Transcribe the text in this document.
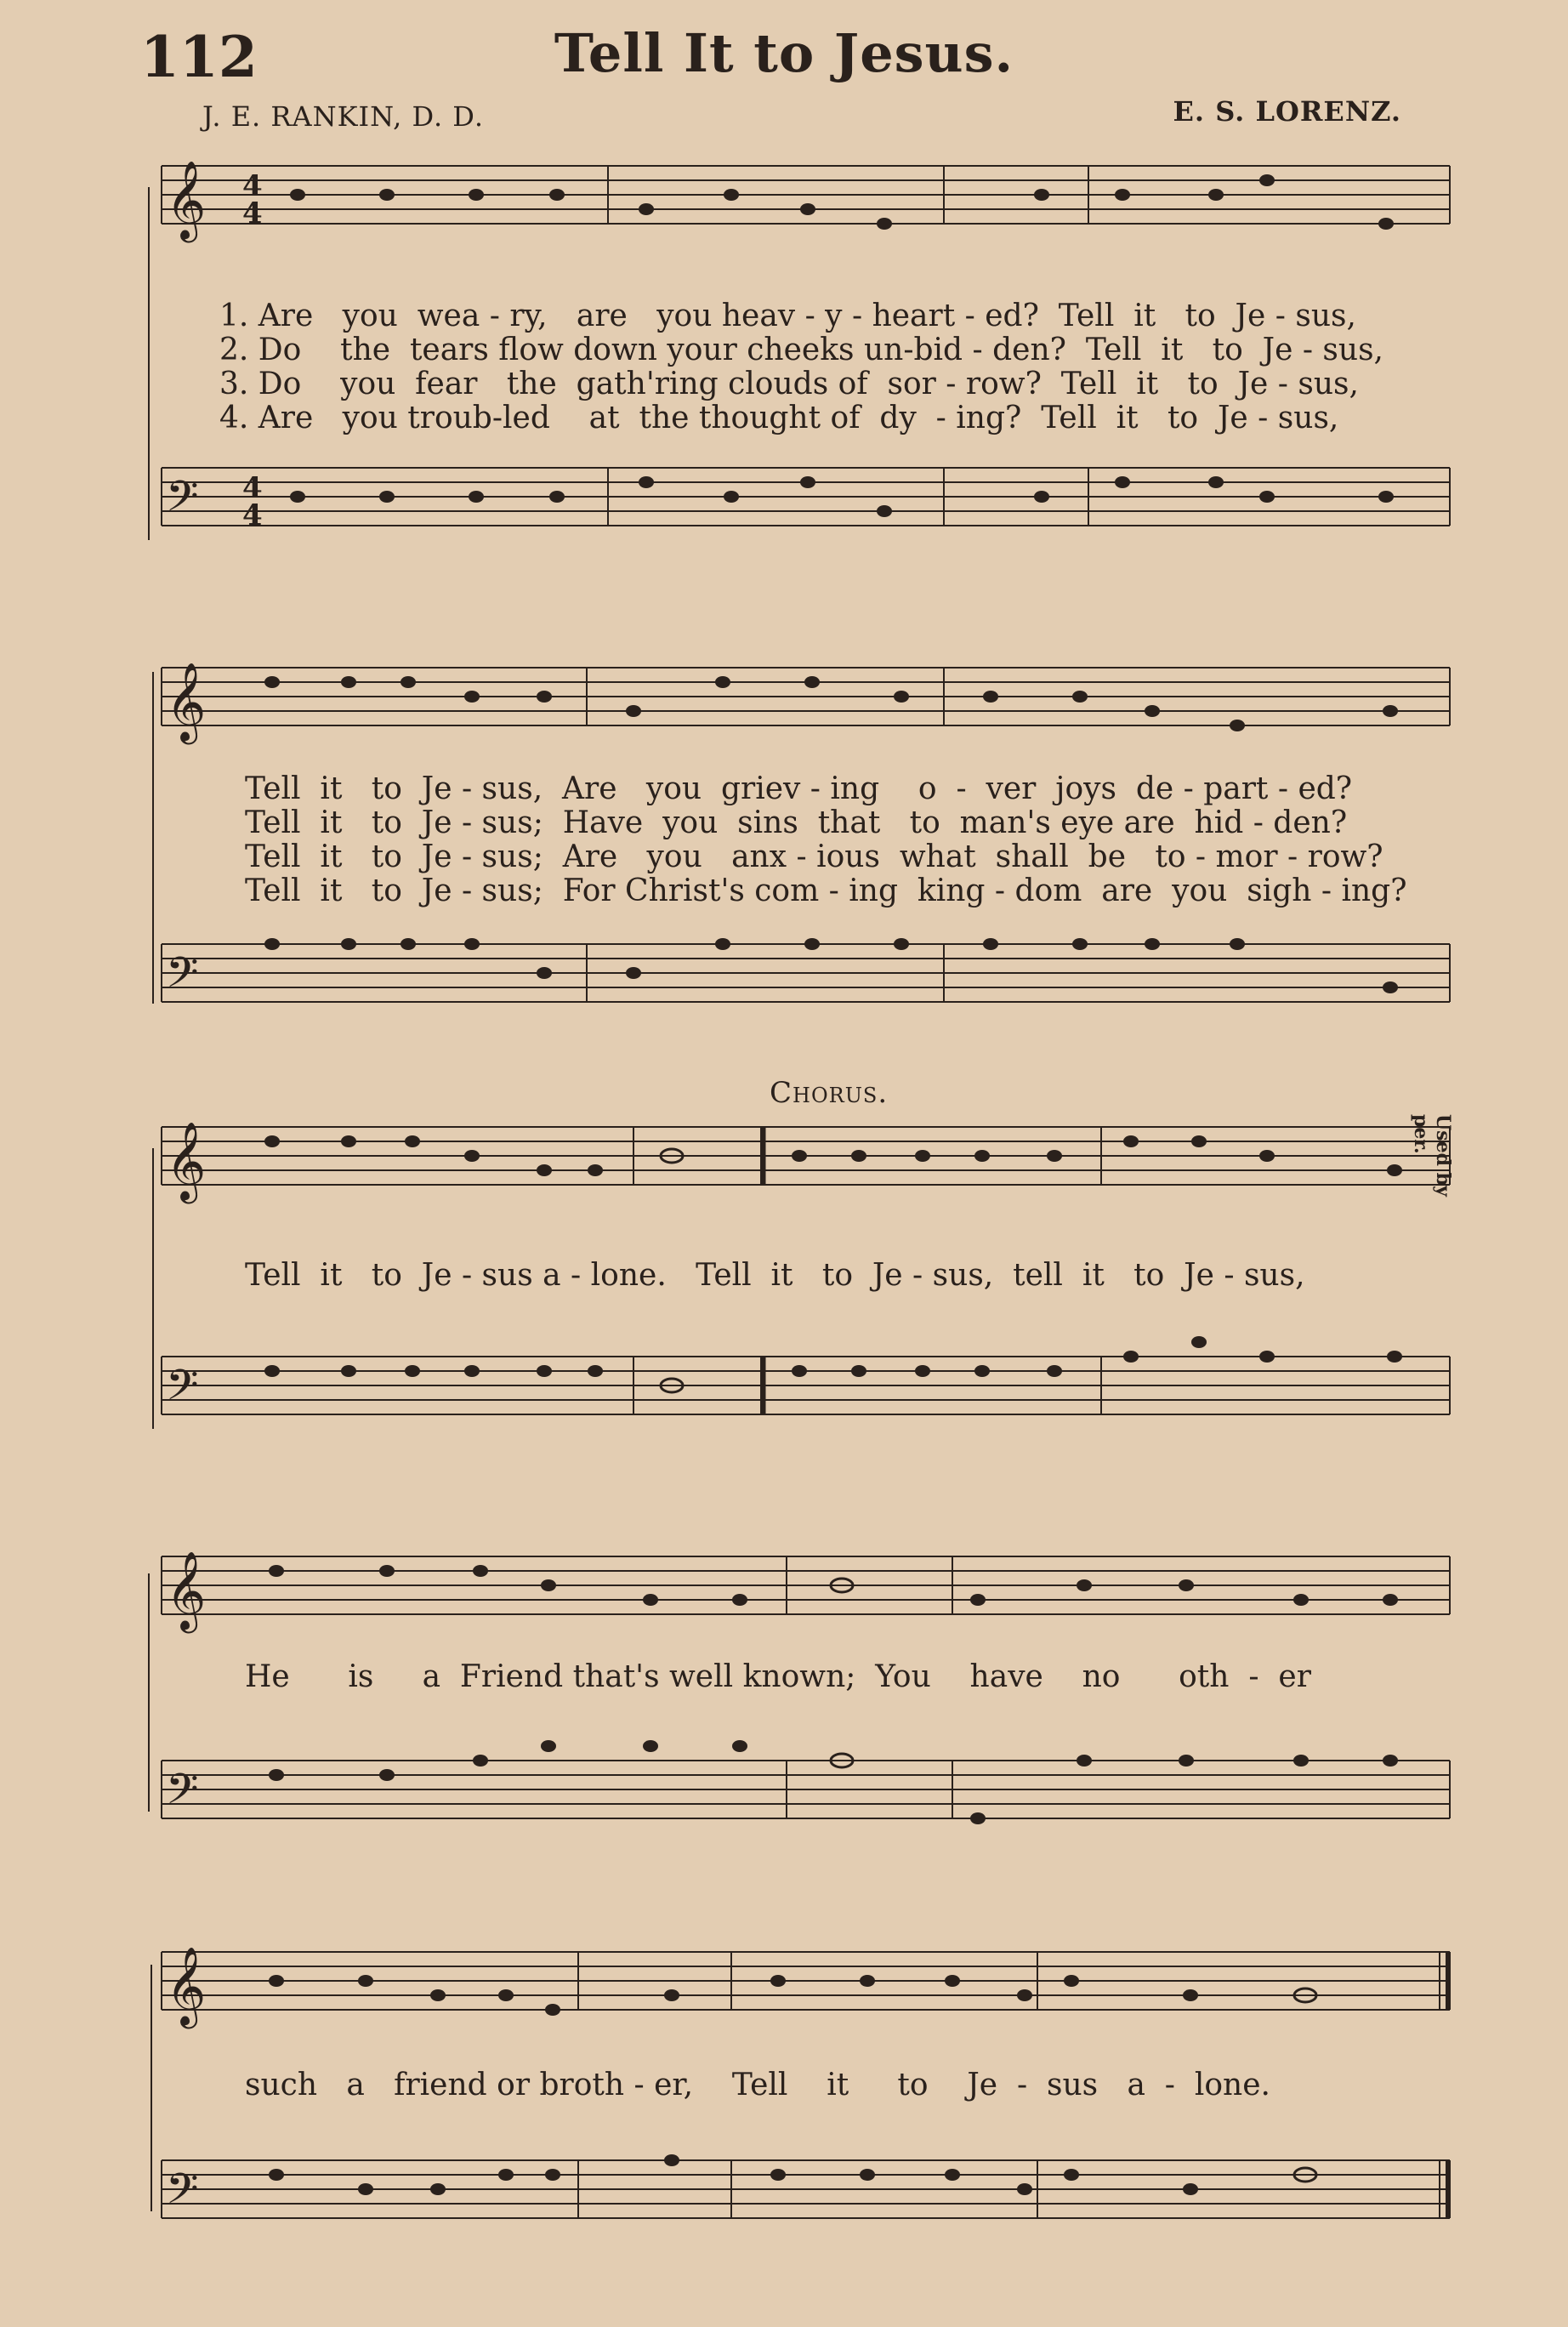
112	Tell It to Jesus.
J. E. RANKIN, D. D.	E. S. LORENZ.
𝄞
𝄢
4
4
4
4
1. Are   you  wea - ry,   are   you heav - y - heart - ed?  Tell  it   to  Je - sus,
2. Do    the  tears flow down your cheeks un-bid - den?  Tell  it   to  Je - sus,
3. Do    you  fear   the  gath'ring clouds of  sor - row?  Tell  it   to  Je - sus,
4. Are   you troub-led    at  the thought of  dy  - ing?  Tell  it   to  Je - sus,
𝄞
𝄢
Tell  it   to  Je - sus,  Are   you  griev - ing    o  -  ver  joys  de - part - ed?
Tell  it   to  Je - sus;  Have  you  sins  that   to  man's eye are  hid - den?
Tell  it   to  Je - sus;  Are   you   anx - ious  what  shall  be   to - mor - row?
Tell  it   to  Je - sus;  For Christ's com - ing  king - dom  are  you  sigh - ing?
Chorus.
Used by per.
𝄞
𝄢
Tell  it   to  Je - sus a - lone.   Tell  it   to  Je - sus,  tell  it   to  Je - sus,
𝄞
𝄢
He      is     a  Friend that's well known;  You    have    no      oth  -  er
𝄞
𝄢
such   a   friend or broth - er,    Tell    it     to    Je  -  sus   a  -  lone.
